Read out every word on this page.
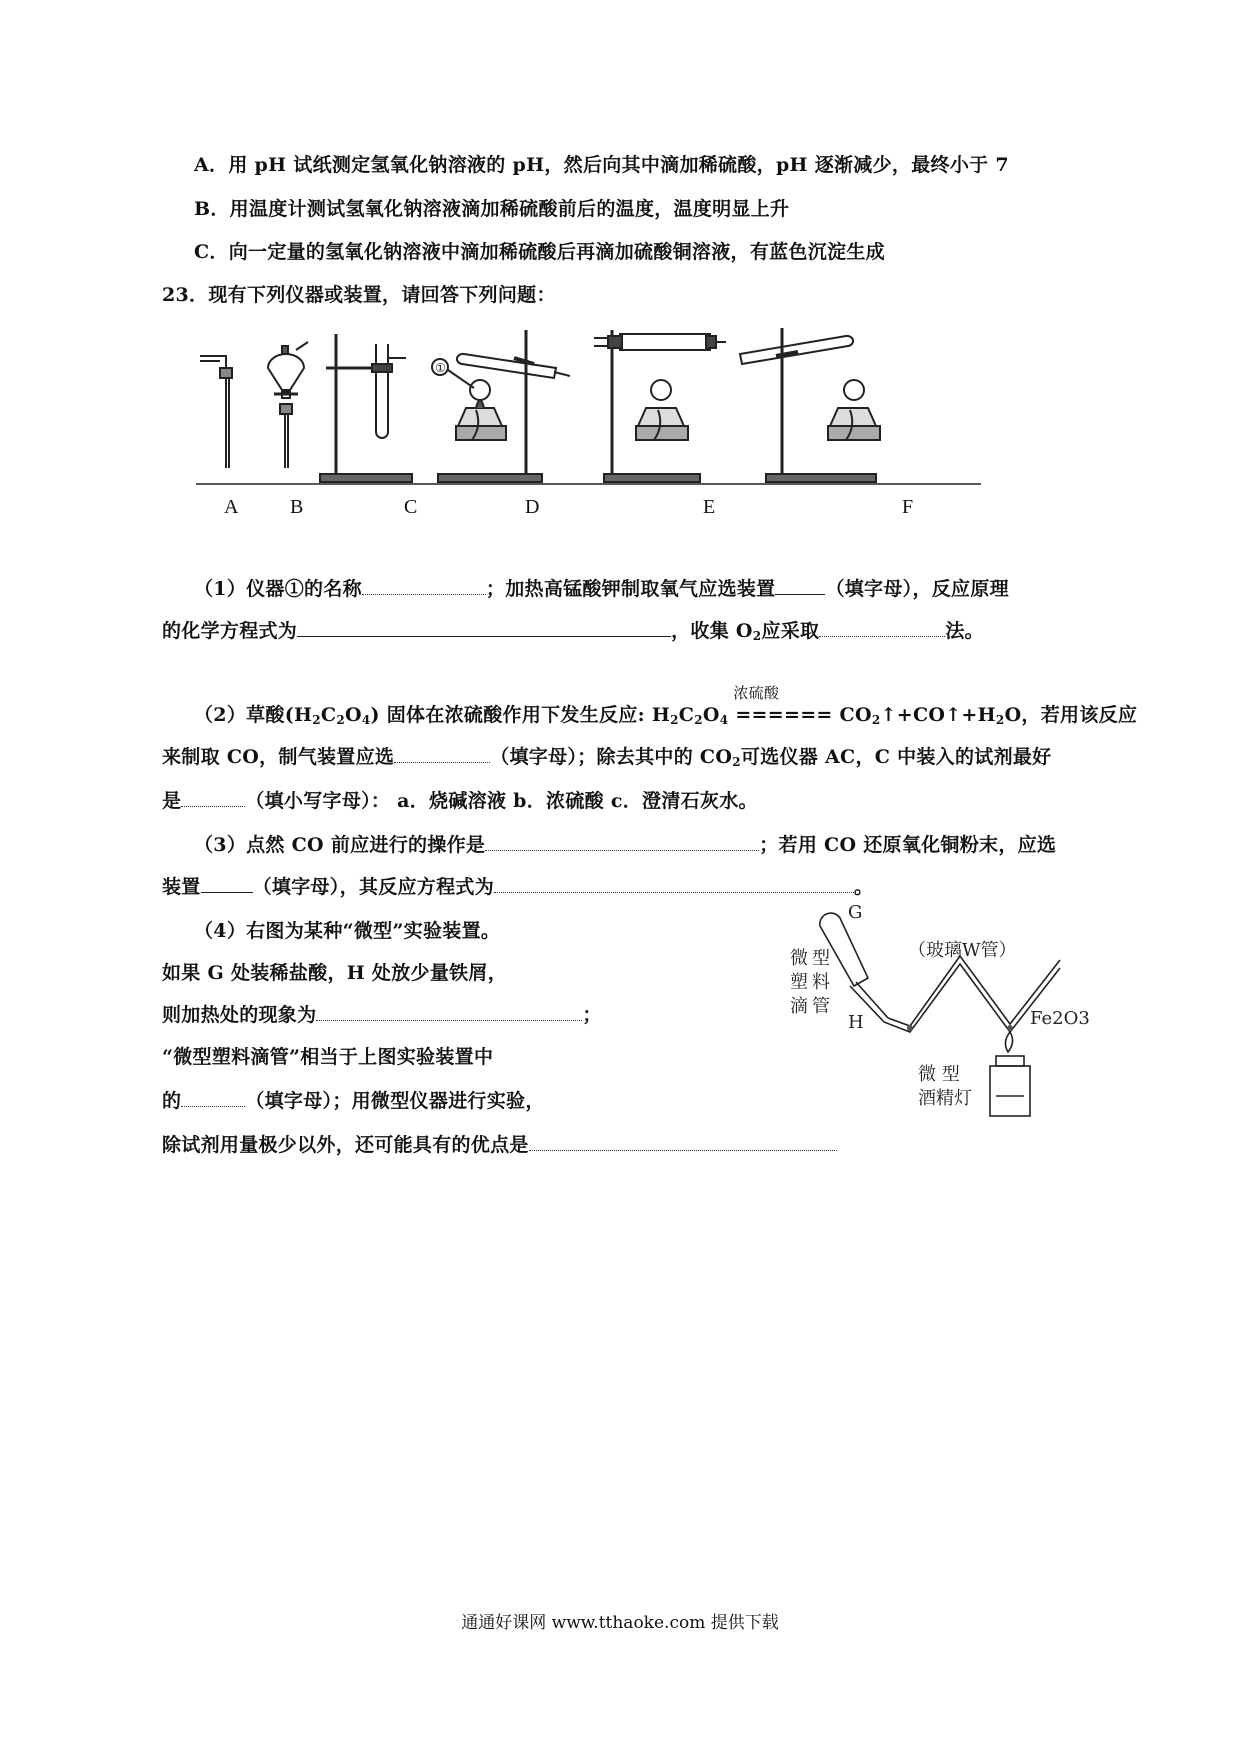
A．用 pH 试纸测定氢氧化钠溶液的 pH，然后向其中滴加稀硫酸，pH 逐渐减少，最终小于 7
B．用温度计测试氢氧化钠溶液滴加稀硫酸前后的温度，温度明显上升
C．向一定量的氢氧化钠溶液中滴加稀硫酸后再滴加硫酸铜溶液，有蓝色沉淀生成
23．现有下列仪器或装置，请回答下列问题：
①
A	B	C	D	E	F
（1）仪器①的名称	；加热高锰酸钾制取氧气应选装置	（填字母），反应原理
的化学方程式为	，收集 $O_2$应采取	法。
（2）草酸$(H_2C_2O_4)$ 固体在浓硫酸作用下发生反应: $H_2C_2O_4$
浓硫酸
====== $CO_2↑+CO↑+H_2O$，若用该反应
来制取 CO，制气装置应选	（填字母）；除去其中的 $CO_2$可选仪器 AC，C 中装入的试剂最好
是	（填小写字母）： a．烧碱溶液 b．浓硫酸 c．澄清石灰水。
（3）点然 CO 前应进行的操作是	；若用 CO 还原氧化铜粉末，应选
装置	（填字母），其反应方程式为	。
（4）右图为某种“微型”实验装置。
如果 G 处装稀盐酸，H 处放少量铁屑，
则加热处的现象为	；
“微型塑料滴管”相当于上图实验装置中
的	（填字母）；用微型仪器进行实验，
除试剂用量极少以外，还可能具有的优点是
G
H
（玻璃W管）
Fe2O3
微 型
塑 料
滴 管
微 型
酒精灯
通通好课网 www.tthaoke.com 提供下载
